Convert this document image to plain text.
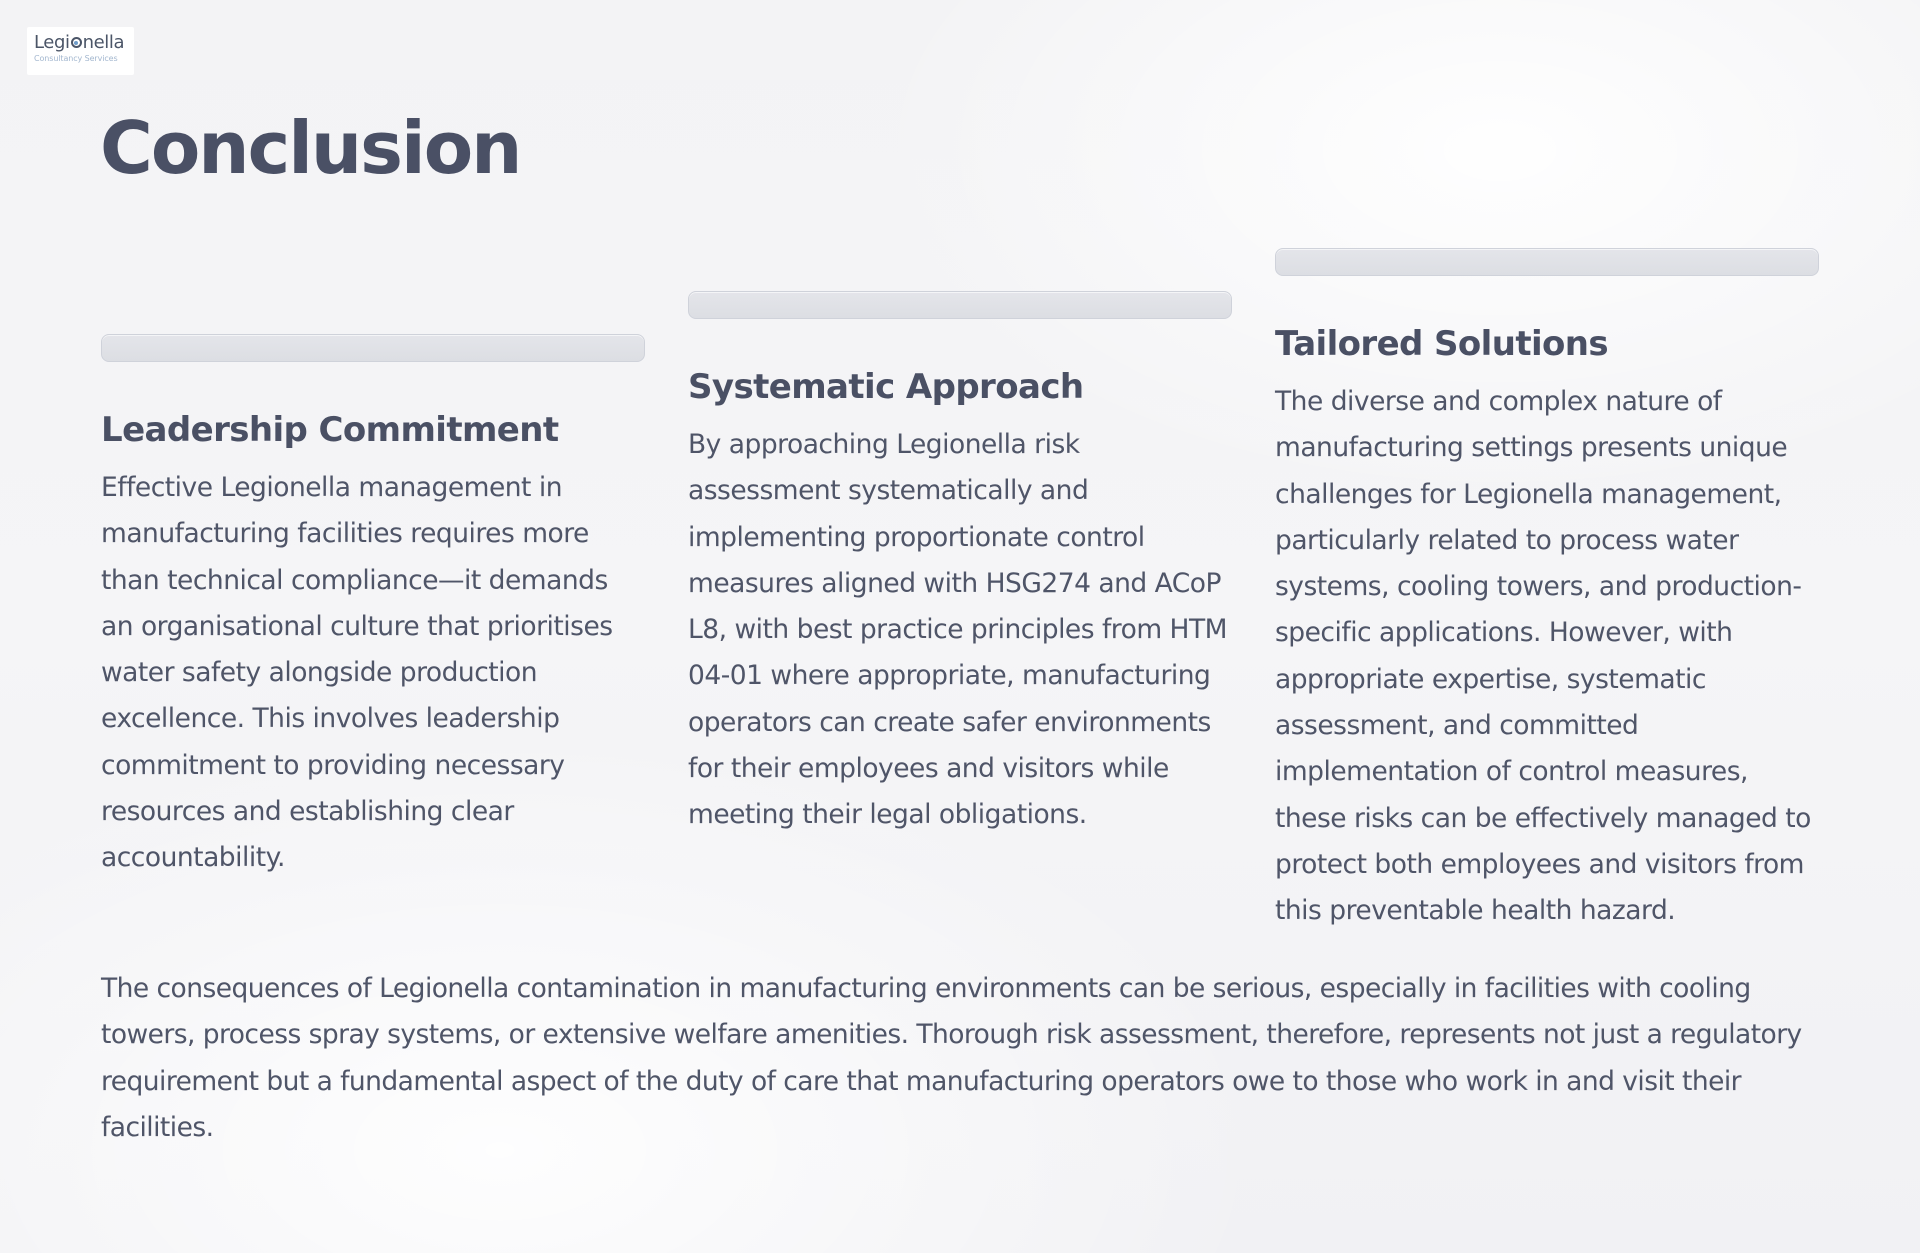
Legi nella
Consultancy Services
Conclusion
Leadership Commitment

Effective Legionella management in manufacturing facilities requires more than technical compliance—it demands an organisational culture that prioritises water safety alongside production excellence. This involves leadership commitment to providing necessary resources and establishing clear accountability.

Systematic Approach

By approaching Legionella risk assessment systematically and implementing proportionate control measures aligned with HSG274 and ACoP L8, with best practice principles from HTM 04-01 where appropriate, manufacturing operators can create safer environments for their employees and visitors while meeting their legal obligations.

Tailored Solutions

The diverse and complex nature of manufacturing settings presents unique challenges for Legionella management, particularly related to process water systems, cooling towers, and production-specific applications. However, with appropriate expertise, systematic assessment, and committed implementation of control measures, these risks can be effectively managed to protect both employees and visitors from this preventable health hazard.

The consequences of Legionella contamination in manufacturing environments can be serious, especially in facilities with cooling towers, process spray systems, or extensive welfare amenities. Thorough risk assessment, therefore, represents not just a regulatory requirement but a fundamental aspect of the duty of care that manufacturing operators owe to those who work in and visit their facilities.
